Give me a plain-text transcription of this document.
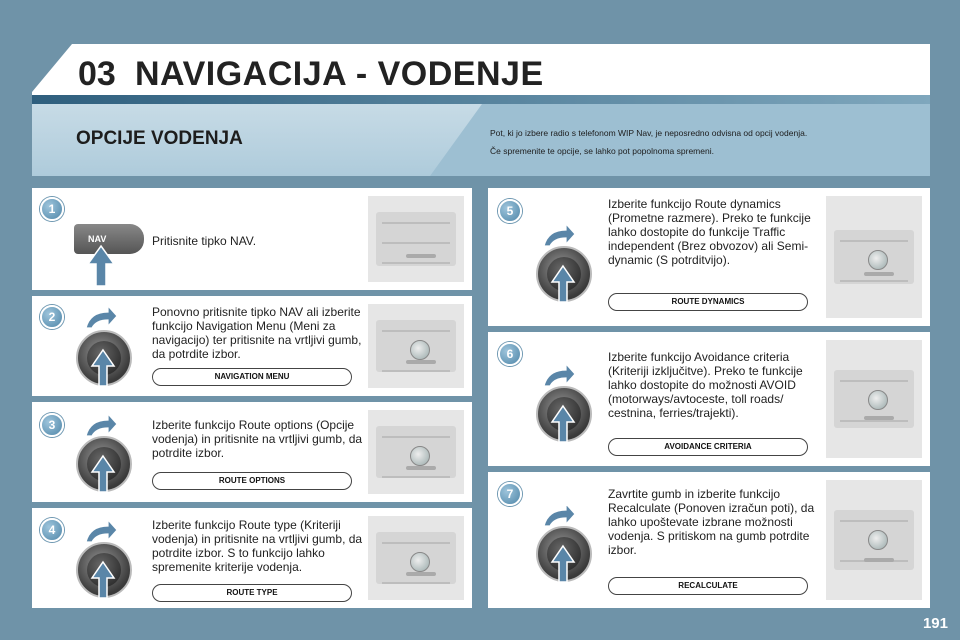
03 NAVIGACIJA - VODENJE
OPCIJE VODENJA	Pot, ki jo izbere radio s telefonom WIP Nav, je neposredno odvisna od opcij vodenja.
Če spremenite te opcije, se lahko pot popolnoma spremeni.
1
NAV	Pritisnite tipko NAV.
2	Ponovno pritisnite tipko NAV ali izberite funkcijo Navigation Menu (Meni za navigacijo) ter pritisnite na vrtljivi gumb, da potrdite izbor.
NAVIGATION MENU
3	Izberite funkcijo Route options (Opcije vodenja) in pritisnite na vrtljivi gumb, da potrdite izbor.
ROUTE OPTIONS
4	Izberite funkcijo Route type (Kriteriji vodenja) in pritisnite na vrtljivi gumb, da potrdite izbor. S to funkcijo lahko spremenite kriterije vodenja.
ROUTE TYPE
5	Izberite funkcijo Route dynamics (Prometne razmere). Preko te funkcije lahko dostopite do funkcije Traffic independent (Brez obvozov) ali Semi-dynamic (S potrditvijo).
ROUTE DYNAMICS
6	Izberite funkcijo Avoidance criteria (Kriteriji izključitve). Preko te funkcije lahko dostopite do možnosti AVOID (motorways/avtoceste, toll roads/ cestnina, ferries/trajekti).
AVOIDANCE CRITERIA
7	Zavrtite gumb in izberite funkcijo Recalculate (Ponoven izračun poti), da lahko upoštevate izbrane možnosti vodenja. S pritiskom na gumb potrdite izbor.
RECALCULATE
191
